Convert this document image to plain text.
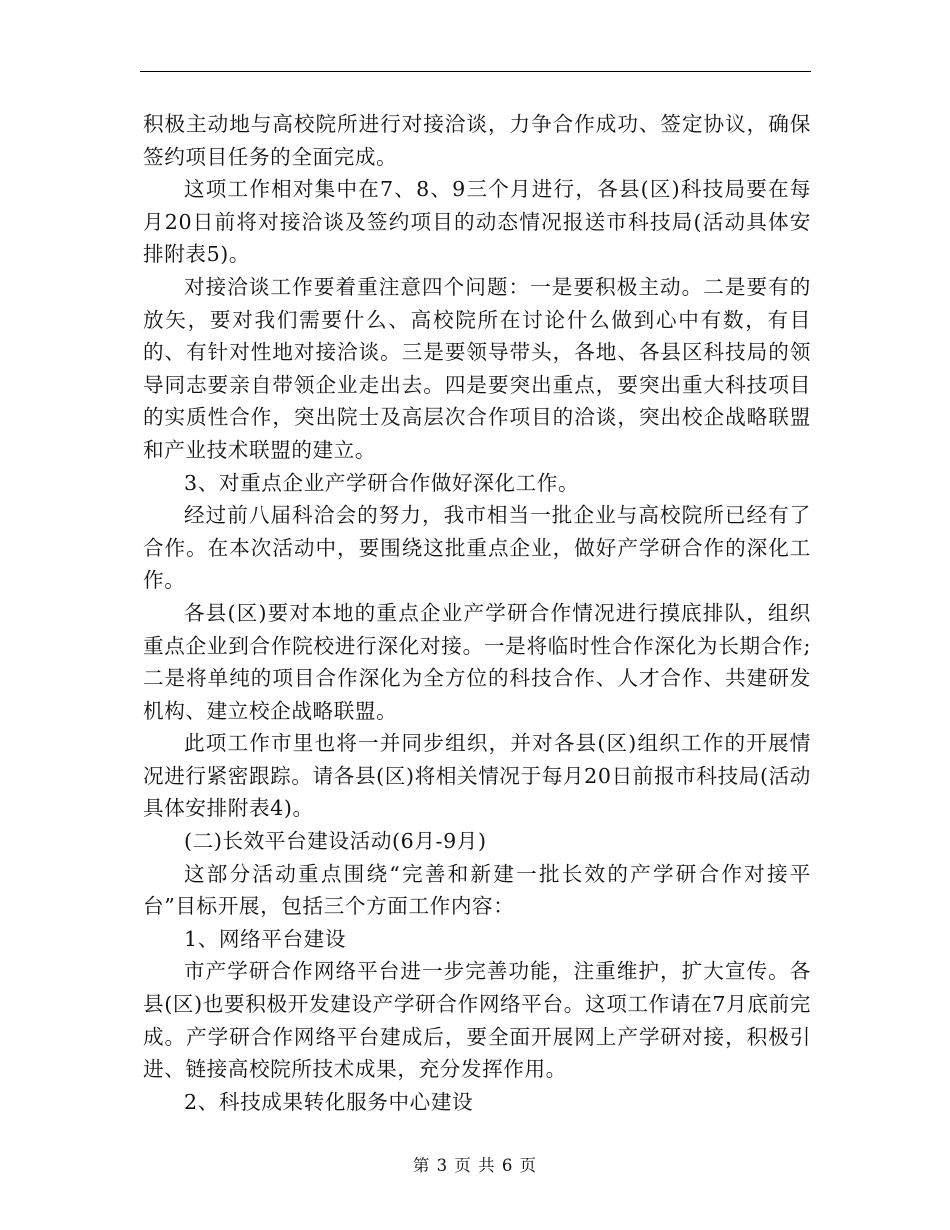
积极主动地与高校院所进行对接洽谈，力争合作成功、签定协议，确保签约项目任务的全面完成。

这项工作相对集中在7、8、9三个月进行，各县(区)科技局要在每月20日前将对接洽谈及签约项目的动态情况报送市科技局(活动具体安排附表5)。

对接洽谈工作要着重注意四个问题：一是要积极主动。二是要有的放矢，要对我们需要什么、高校院所在讨论什么做到心中有数，有目的、有针对性地对接洽谈。三是要领导带头，各地、各县区科技局的领导同志要亲自带领企业走出去。四是要突出重点，要突出重大科技项目的实质性合作，突出院士及高层次合作项目的洽谈，突出校企战略联盟和产业技术联盟的建立。

3、对重点企业产学研合作做好深化工作。

经过前八届科洽会的努力，我市相当一批企业与高校院所已经有了合作。在本次活动中，要围绕这批重点企业，做好产学研合作的深化工作。

各县(区)要对本地的重点企业产学研合作情况进行摸底排队，组织重点企业到合作院校进行深化对接。一是将临时性合作深化为长期合作;二是将单纯的项目合作深化为全方位的科技合作、人才合作、共建研发机构、建立校企战略联盟。

此项工作市里也将一并同步组织，并对各县(区)组织工作的开展情况进行紧密跟踪。请各县(区)将相关情况于每月20日前报市科技局(活动具体安排附表4)。

(二)长效平台建设活动(6月-9月)

这部分活动重点围绕“完善和新建一批长效的产学研合作对接平台”目标开展，包括三个方面工作内容：

1、网络平台建设

市产学研合作网络平台进一步完善功能，注重维护，扩大宣传。各县(区)也要积极开发建设产学研合作网络平台。这项工作请在7月底前完成。产学研合作网络平台建成后，要全面开展网上产学研对接，积极引进、链接高校院所技术成果，充分发挥作用。

2、科技成果转化服务中心建设

第 3 页 共 6 页
